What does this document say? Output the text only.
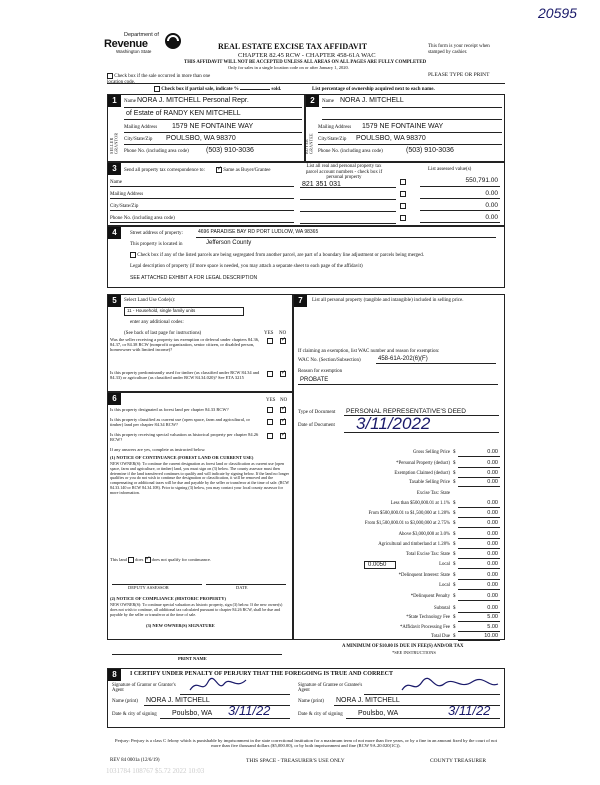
20595
Department of
Revenue
Washington State
REAL ESTATE EXCISE TAX AFFIDAVIT
CHAPTER 82.45 RCW - CHAPTER 458-61A WAC
THIS AFFIDAVIT WILL NOT BE ACCEPTED UNLESS ALL AREAS ON ALL PAGES ARE FULLY COMPLETED
Only for sales in a single location code on or after January 1, 2020.
This form is your receipt when stamped by cashier.
PLEASE TYPE OR PRINT
Check box if the sale occurred in more than one location code.
Check box if partial sale, indicate %	sold.	List percentage of ownership acquired next to each name.
1
SELLER GRANTOR
Name NORA J. MITCHELL Personal Repr.
of Estate of RANDY KEN MITCHELL
Mailing Address 1579 NE FONTAINE WAY
City/State/Zip POULSBO, WA 98370
Phone No. (including area code) (503) 910-3036
2
BUYER GRANTEE
Name NORA J. MITCHELL
Mailing Address 1579 NE FONTAINE WAY
City/State/Zip POULSBO, WA 98370
Phone No. (including area code)	(503) 910-3036
3	Send all property tax correspondence to: ✓	Same as Buyer/Grantee
List all real and personal property tax parcel account numbers - check box if personal property
List assessed value(s)
Name
Mailing Address
City/State/Zip
Phone No. (including area code)
821 351 031
550,791.00
0.00
0.00
0.00
4	Street address of property:	4696 PARADISE BAY RD PORT LUDLOW, WA 98365
This property is located in	Jefferson County
Check box if any of the listed parcels are being segregated from another parcel, are part of a boundary line adjustment or parcels being merged.
Legal description of property (if more space is needed, you may attach a separate sheet to each page of the affidavit)
SEE ATTACHED EXHIBIT A FOR LEGAL DESCRIPTION
5	Select Land Use Code(s):
11 - Household, single family units
enter any additional codes:
(See back of last page for instructions)	YES NO
Was the seller receiving a property tax exemption or deferral under chapters 84.36, 84.37, or 84.38 RCW (nonprofit organization, senior citizen, or disabled person, homeowner with limited income)?
✓
Is this property predominantly used for timber (as classified under RCW 84.34 and 84.33) or agriculture (as classified under RCW 84.34.020)? See ETA 3215
✓
6	YES NO
Is this property designated as forest land per chapter 84.33 RCW?
✓
Is this property classified as current use (open space, farm and agricultural, or timber) land per chapter 84.34 RCW?
✓
Is this property receiving special valuation as historical property per chapter 84.26 RCW?
✓
If any answers are yes, complete as instructed below.
(1) NOTICE OF CONTINUANCE (FOREST LAND OR CURRENT USE)
NEW OWNER(S): To continue the current designation as forest land or classification as current use (open space, farm and agriculture, or timber) land, you must sign on (3) below. The county assessor must then determine if the land transferred continues to qualify and will indicate by signing below. If the land no longer qualifies or you do not wish to continue the designation or classification, it will be removed and the compensating or additional taxes will be due and payable by the seller or transferor at the time of sale. (RCW 84.33.140 or RCW 84.34.108). Prior to signing (3) below, you may contact your local county assessor for more information.
This land does ✓ does not qualify for continuance.
DEPUTY ASSESSOR	DATE
(2) NOTICE OF COMPLIANCE (HISTORIC PROPERTY)
NEW OWNER(S): To continue special valuation as historic property, sign (3) below. If the new owner(s) does not wish to continue, all additional tax calculated pursuant to chapter 84.26 RCW, shall be due and payable by the seller or transferor at the time of sale.
(3) NEW OWNER(S) SIGNATURE
PRINT NAME
7	List all personal property (tangible and intangible) included in selling price.
If claiming an exemption, list WAC number and reason for exemption:
WAC No. (Section/Subsection)	458-61A-202(6)(F)
Reason for exemption
PROBATE
Type of Document PERSONAL REPRESENTATIVE'S DEED
Date of Document 3/11/2022
Gross Selling Price $	0.00
*Personal Property (deduct) $	0.00
Exemption Claimed (deduct) $	0.00
Taxable Selling Price $	0.00
Excise Tax: State
Less than $500,000.01 at 1.1% $	0.00
From $500,000.01 to $1,500,000 at 1.28% $	0.00
From $1,500,000.01 to $3,000,000 at 2.75% $	0.00
Above $3,000,000 at 3.0% $	0.00
Agricultural and timberland at 1.28% $	0.00
Total Excise Tax: State $	0.00
Local $	0.00
*Delinquent Interest: State $	0.00
Local $	0.00
*Delinquent Penalty $	0.00
Subtotal $	0.00
*State Technology Fee $	5.00
*Affidavit Processing Fee $	5.00
Total Due $	10.00
0.0050
A MINIMUM OF $10.00 IS DUE IN FEE(S) AND/OR TAX
*SEE INSTRUCTIONS
8	I CERTIFY UNDER PENALTY OF PERJURY THAT THE FOREGOING IS TRUE AND CORRECT
Signature of Grantor or Grantor's Agent
Signature of Grantee or Grantee's Agent
Name (print) NORA J. MITCHELL	Name (print) NORA J. MITCHELL
Date & city of signing Poulsbo, WA 3/11/22	Date & city of signing Poulsbo, WA	3/11/22
Perjury: Perjury is a class C felony which is punishable by imprisonment in the state correctional institution for a maximum term of not more than five years, or by a fine in an amount fixed by the court of not more than five thousand dollars ($5,000.00), or by both imprisonment and fine (RCW 9A.20.020(1C)).
REV 84 0001a (12/6/19)	THIS SPACE - TREASURER'S USE ONLY	COUNTY TREASURER
1031784 108767 $5.72 2022 10:03
